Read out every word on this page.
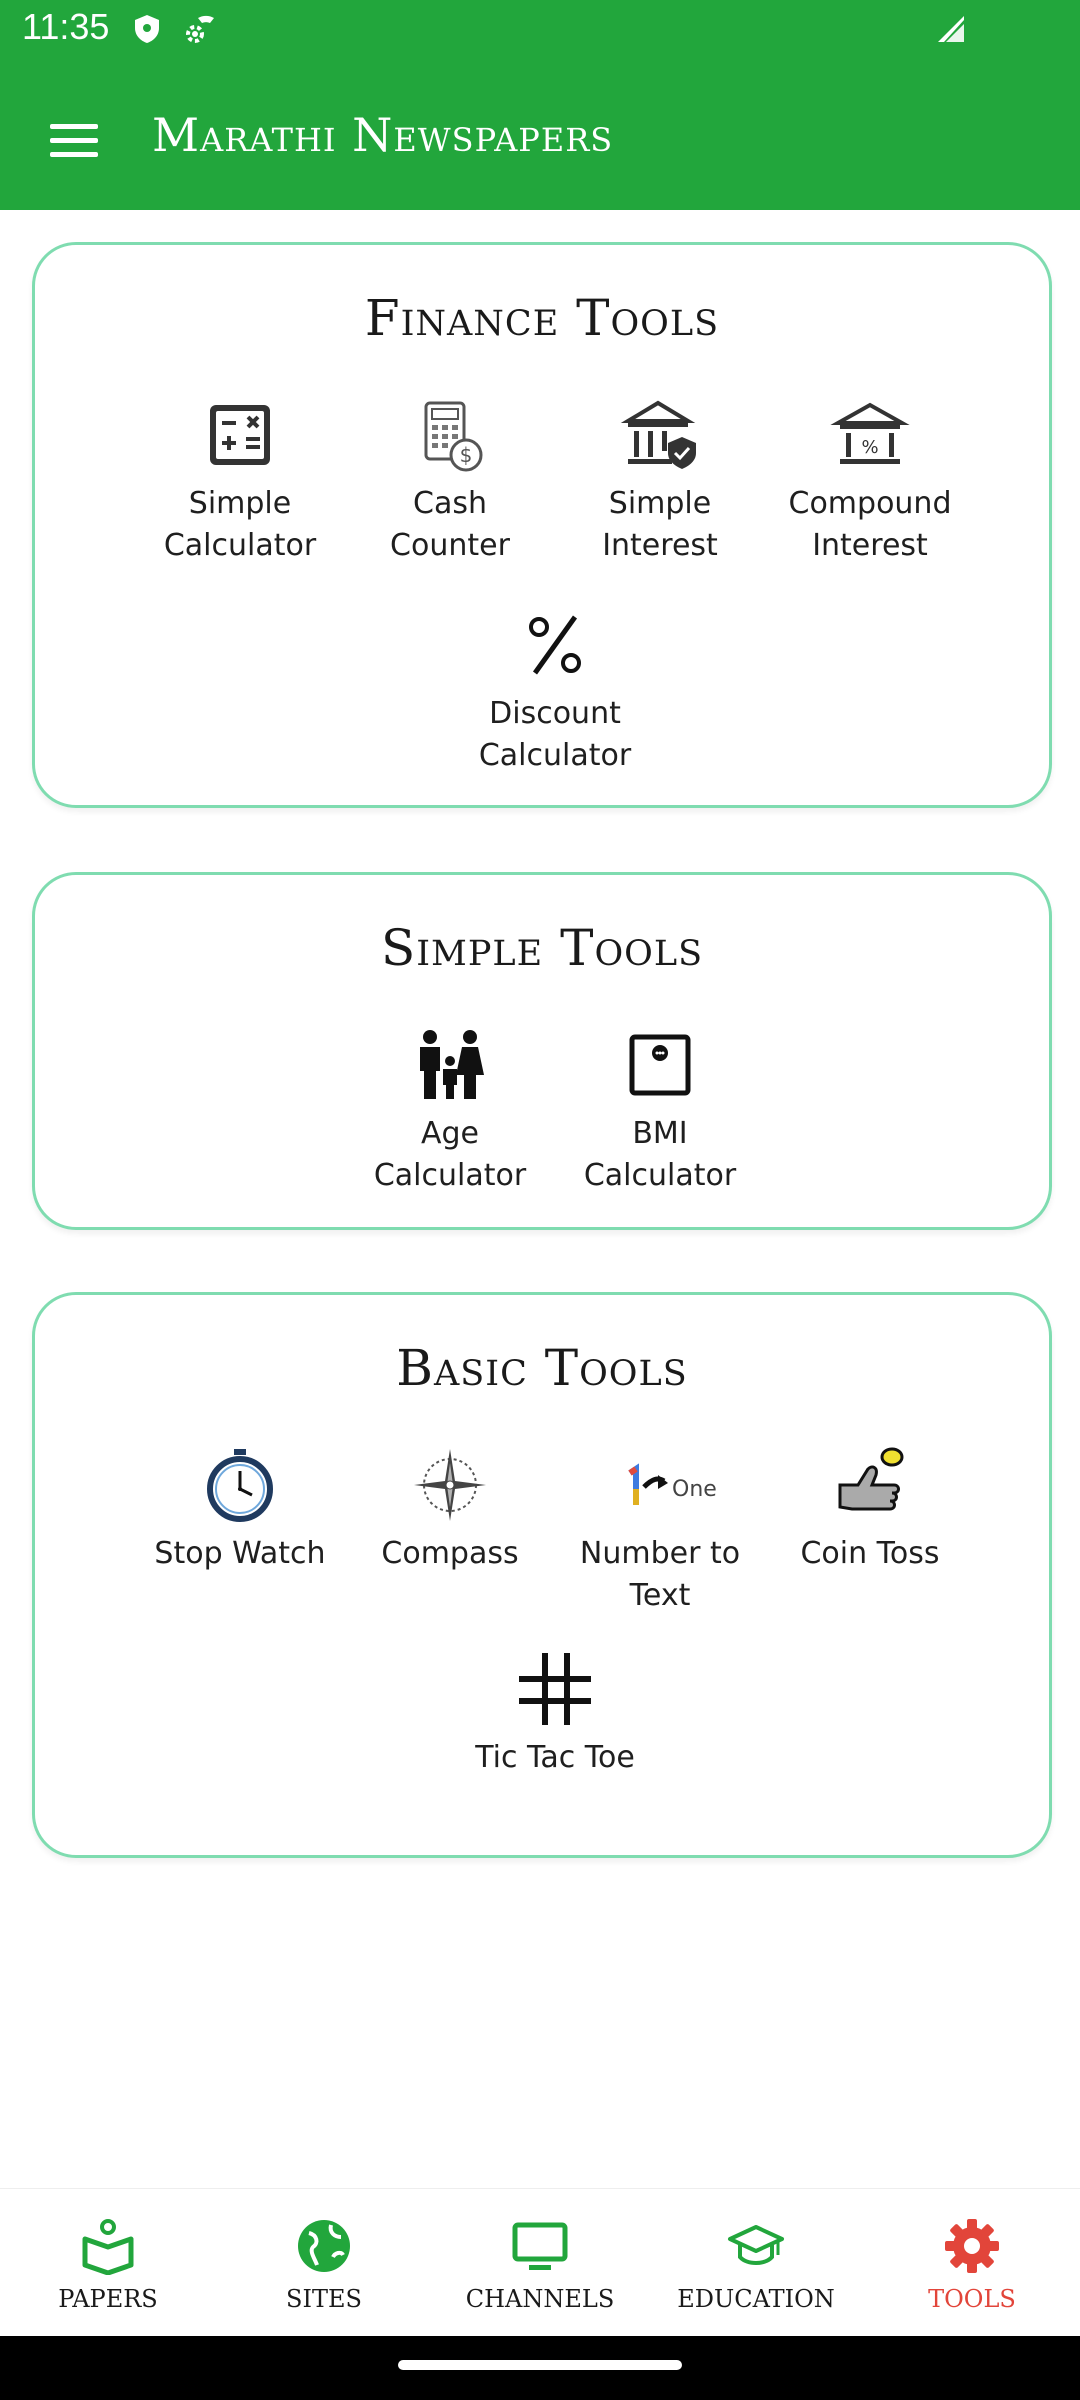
11:35
Marathi Newspapers
Finance Tools
Simple
Calculator
$
Cash
Counter
Simple
Interest
%
Compound
Interest
Discount
Calculator
Simple Tools
Age
Calculator
BMI
Calculator
Basic Tools
Stop Watch	Compass
One
Number to
Text
Coin Toss
Tic Tac Toe
PAPERS	SITES	CHANNELS	EDUCATION	TOOLS
